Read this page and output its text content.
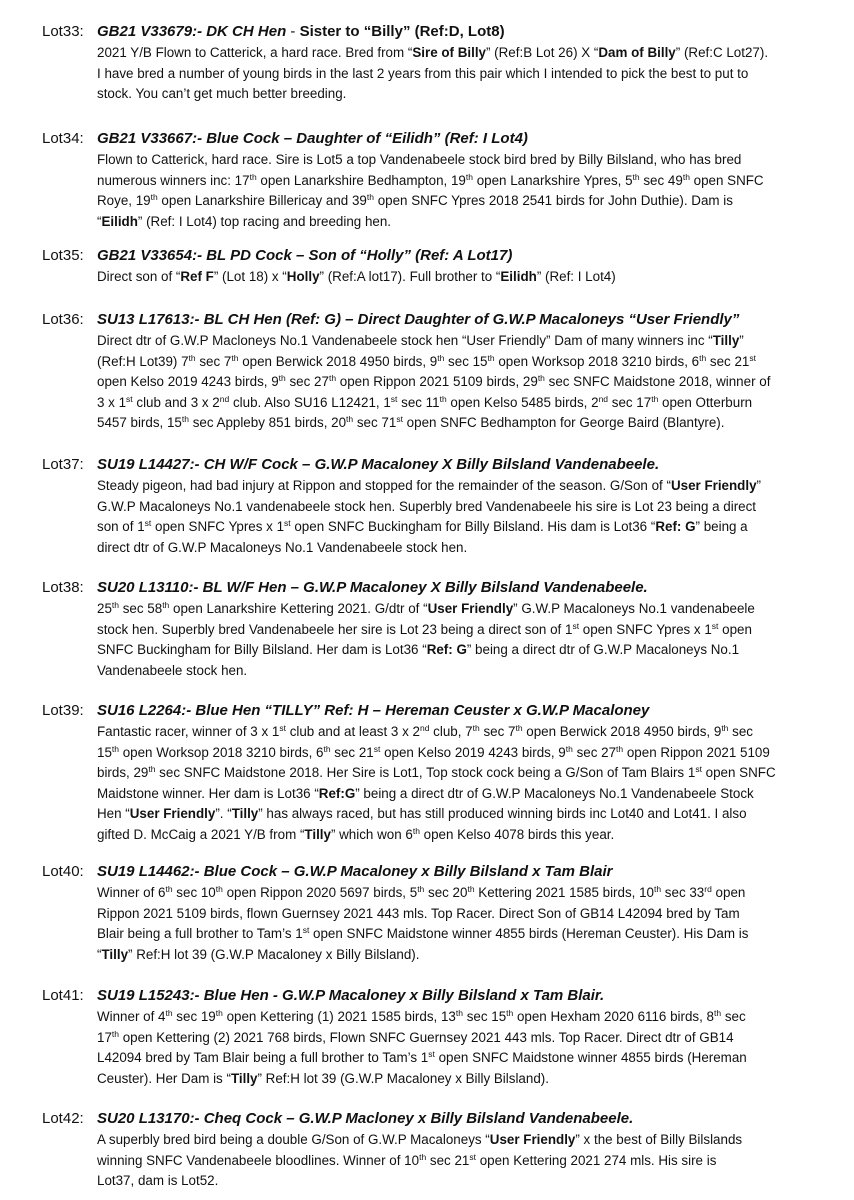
Lot33: GB21 V33679:- DK CH Hen - Sister to “Billy” (Ref:D, Lot8)
2021 Y/B Flown to Catterick, a hard race. Bred from “Sire of Billy” (Ref:B Lot 26) X “Dam of Billy” (Ref:C Lot27).
I have bred a number of young birds in the last 2 years from this pair which I intended to pick the best to put to
stock. You can’t get much better breeding.
Lot34: GB21 V33667:- Blue Cock – Daughter of “Eilidh” (Ref: I Lot4)
Flown to Catterick, hard race. Sire is Lot5 a top Vandenabeele stock bird bred by Billy Bilsland, who has bred
numerous winners inc: 17th open Lanarkshire Bedhampton, 19th open Lanarkshire Ypres, 5th sec 49th open SNFC
Roye, 19th open Lanarkshire Billericay and 39th open SNFC Ypres 2018 2541 birds for John Duthie). Dam is
“Eilidh” (Ref: I Lot4) top racing and breeding hen.
Lot35: GB21 V33654:- BL PD Cock – Son of “Holly” (Ref: A Lot17)
Direct son of “Ref F” (Lot 18) x “Holly” (Ref:A lot17). Full brother to “Eilidh” (Ref: I Lot4)
Lot36: SU13 L17613:- BL CH Hen (Ref: G) – Direct Daughter of G.W.P Macaloneys “User Friendly”
Direct dtr of G.W.P Macloneys No.1 Vandenabeele stock hen “User Friendly” Dam of many winners inc “Tilly”
(Ref:H Lot39) 7th sec 7th open Berwick 2018 4950 birds, 9th sec 15th open Worksop 2018 3210 birds, 6th sec 21st
open Kelso 2019 4243 birds, 9th sec 27th open Rippon 2021 5109 birds, 29th sec SNFC Maidstone 2018, winner of
3 x 1st club and 3 x 2nd club. Also SU16 L12421, 1st sec 11th open Kelso 5485 birds, 2nd sec 17th open Otterburn
5457 birds, 15th sec Appleby 851 birds, 20th sec 71st open SNFC Bedhampton for George Baird (Blantyre).
Lot37: SU19 L14427:- CH W/F Cock – G.W.P Macaloney X Billy Bilsland Vandenabeele.
Steady pigeon, had bad injury at Rippon and stopped for the remainder of the season. G/Son of “User Friendly”
G.W.P Macaloneys No.1 vandenabeele stock hen. Superbly bred Vandenabeele his sire is Lot 23 being a direct
son of 1st open SNFC Ypres x 1st open SNFC Buckingham for Billy Bilsland. His dam is Lot36 “Ref: G” being a
direct dtr of G.W.P Macaloneys No.1 Vandenabeele stock hen.
Lot38: SU20 L13110:- BL W/F Hen – G.W.P Macaloney X Billy Bilsland Vandenabeele.
25th sec 58th open Lanarkshire Kettering 2021. G/dtr of “User Friendly” G.W.P Macaloneys No.1 vandenabeele
stock hen. Superbly bred Vandenabeele her sire is Lot 23 being a direct son of 1st open SNFC Ypres x 1st open
SNFC Buckingham for Billy Bilsland. Her dam is Lot36 “Ref: G” being a direct dtr of G.W.P Macaloneys No.1
Vandenabeele stock hen.
Lot39: SU16 L2264:- Blue Hen “TILLY” Ref: H – Hereman Ceuster x G.W.P Macaloney
Fantastic racer, winner of 3 x 1st club and at least 3 x 2nd club, 7th sec 7th open Berwick 2018 4950 birds, 9th sec
15th open Worksop 2018 3210 birds, 6th sec 21st open Kelso 2019 4243 birds, 9th sec 27th open Rippon 2021 5109
birds, 29th sec SNFC Maidstone 2018. Her Sire is Lot1, Top stock cock being a G/Son of Tam Blairs 1st open SNFC
Maidstone winner. Her dam is Lot36 “Ref:G” being a direct dtr of G.W.P Macaloneys No.1 Vandenabeele Stock
Hen “User Friendly”. “Tilly” has always raced, but has still produced winning birds inc Lot40 and Lot41. I also
gifted D. McCaig a 2021 Y/B from “Tilly” which won 6th open Kelso 4078 birds this year.
Lot40: SU19 L14462:- Blue Cock – G.W.P Macaloney x Billy Bilsland x Tam Blair
Winner of 6th sec 10th open Rippon 2020 5697 birds, 5th sec 20th Kettering 2021 1585 birds, 10th sec 33rd open
Rippon 2021 5109 birds, flown Guernsey 2021 443 mls. Top Racer. Direct Son of GB14 L42094 bred by Tam
Blair being a full brother to Tam’s 1st open SNFC Maidstone winner 4855 birds (Hereman Ceuster). His Dam is
“Tilly” Ref:H lot 39 (G.W.P Macaloney x Billy Bilsland).
Lot41: SU19 L15243:- Blue Hen - G.W.P Macaloney x Billy Bilsland x Tam Blair.
Winner of 4th sec 19th open Kettering (1) 2021 1585 birds, 13th sec 15th open Hexham 2020 6116 birds, 8th sec
17th open Kettering (2) 2021 768 birds, Flown SNFC Guernsey 2021 443 mls. Top Racer. Direct dtr of GB14
L42094 bred by Tam Blair being a full brother to Tam’s 1st open SNFC Maidstone winner 4855 birds (Hereman
Ceuster). Her Dam is “Tilly” Ref:H lot 39 (G.W.P Macaloney x Billy Bilsland).
Lot42: SU20 L13170:- Cheq Cock – G.W.P Macloney x Billy Bilsland Vandenabeele.
A superbly bred bird being a double G/Son of G.W.P Macaloneys “User Friendly” x the best of Billy Bilslands
winning SNFC Vandenabeele bloodlines. Winner of 10th sec 21st open Kettering 2021 274 mls. His sire is
Lot37, dam is Lot52.
